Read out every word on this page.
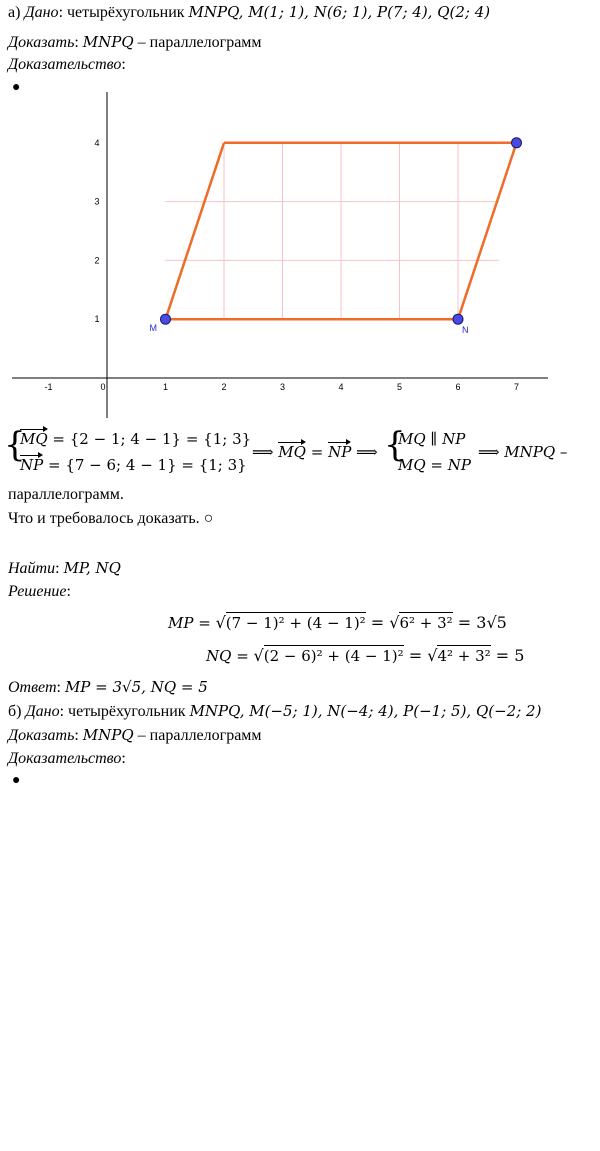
а) Дано: четырёхугольник MNPQ, M(1; 1), N(6; 1), P(7; 4), Q(2; 4)
Доказать: MNPQ – параллелограмм
Доказательство:
●
-1	0	1	2	3	4	5	6	7
1
2
3
4
M	N
{
MQ = {2 − 1; 4 − 1} = {1; 3}
NP = {7 − 6; 4 − 1} = {1; 3}
⟹ MQ = NP ⟹ {
MQ ∥ NP
MQ = NP
⟹ MNPQ –
параллелограмм.
Что и требовалось доказать. ○
Найти: MP, NQ
Решение:
MP = √(7 − 1)² + (4 − 1)² = √6² + 3² = 3√5
NQ = √(2 − 6)² + (4 − 1)² = √4² + 3² = 5
Ответ: MP = 3√5, NQ = 5
б) Дано: четырёхугольник MNPQ, M(−5; 1), N(−4; 4), P(−1; 5), Q(−2; 2)
Доказать: MNPQ – параллелограмм
Доказательство:
●
